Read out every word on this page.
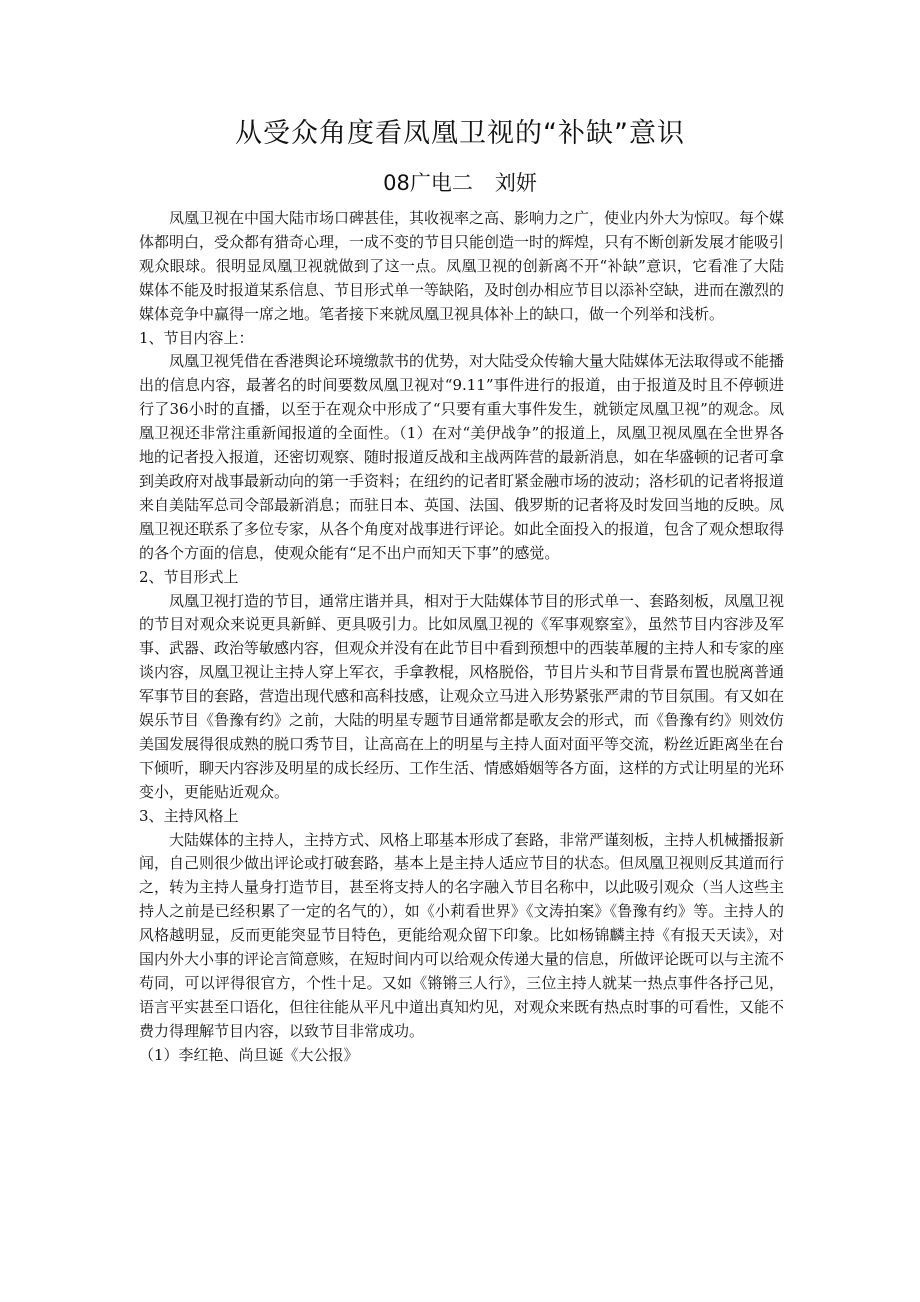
从受众角度看凤凰卫视的“补缺”意识
08广电二 刘妍

凤凰卫视在中国大陆市场口碑甚佳，其收视率之高、影响力之广，使业内外大为惊叹。每个媒体都明白，受众都有猎奇心理，一成不变的节目只能创造一时的辉煌，只有不断创新发展才能吸引观众眼球。很明显凤凰卫视就做到了这一点。凤凰卫视的创新离不开“补缺”意识，它看准了大陆媒体不能及时报道某系信息、节目形式单一等缺陷，及时创办相应节目以添补空缺，进而在激烈的媒体竞争中赢得一席之地。笔者接下来就凤凰卫视具体补上的缺口，做一个列举和浅析。

1、节目内容上：

凤凰卫视凭借在香港舆论环境缴款书的优势，对大陆受众传输大量大陆媒体无法取得或不能播出的信息内容，最著名的时间要数凤凰卫视对“9.11”事件进行的报道，由于报道及时且不停顿进行了36小时的直播，以至于在观众中形成了“只要有重大事件发生，就锁定凤凰卫视”的观念。凤凰卫视还非常注重新闻报道的全面性。（1）在对“美伊战争”的报道上，凤凰卫视凤凰在全世界各地的记者投入报道，还密切观察、随时报道反战和主战两阵营的最新消息，如在华盛顿的记者可拿到美政府对战事最新动向的第一手资料；在纽约的记者盯紧金融市场的波动；洛杉矶的记者将报道来自美陆军总司令部最新消息；而驻日本、英国、法国、俄罗斯的记者将及时发回当地的反映。凤凰卫视还联系了多位专家，从各个角度对战事进行评论。如此全面投入的报道，包含了观众想取得的各个方面的信息，使观众能有“足不出户而知天下事”的感觉。

2、节目形式上

凤凰卫视打造的节目，通常庄谐并具，相对于大陆媒体节目的形式单一、套路刻板，凤凰卫视的节目对观众来说更具新鲜、更具吸引力。比如凤凰卫视的《军事观察室》，虽然节目内容涉及军事、武器、政治等敏感内容，但观众并没有在此节目中看到预想中的西装革履的主持人和专家的座谈内容，凤凰卫视让主持人穿上军衣，手拿教棍，风格脱俗，节目片头和节目背景布置也脱离普通军事节目的套路，营造出现代感和高科技感，让观众立马进入形势紧张严肃的节目氛围。有又如在娱乐节目《鲁豫有约》之前，大陆的明星专题节目通常都是歌友会的形式，而《鲁豫有约》则效仿美国发展得很成熟的脱口秀节目，让高高在上的明星与主持人面对面平等交流，粉丝近距离坐在台下倾听，聊天内容涉及明星的成长经历、工作生活、情感婚姻等各方面，这样的方式让明星的光环变小，更能贴近观众。

3、主持风格上

大陆媒体的主持人，主持方式、风格上耶基本形成了套路，非常严谨刻板，主持人机械播报新闻，自己则很少做出评论或打破套路，基本上是主持人适应节目的状态。但凤凰卫视则反其道而行之，转为主持人量身打造节目，甚至将支持人的名字融入节目名称中，以此吸引观众（当人这些主持人之前是已经积累了一定的名气的），如《小莉看世界》《文涛拍案》《鲁豫有约》等。主持人的风格越明显，反而更能突显节目特色，更能给观众留下印象。比如杨锦麟主持《有报天天读》，对国内外大小事的评论言简意赅，在短时间内可以给观众传递大量的信息，所做评论既可以与主流不苟同，可以评得很官方，个性十足。又如《锵锵三人行》，三位主持人就某一热点事件各抒己见，语言平实甚至口语化，但往往能从平凡中道出真知灼见，对观众来既有热点时事的可看性，又能不费力得理解节目内容，以致节目非常成功。

（1）李红艳、尚旦诞《大公报》
